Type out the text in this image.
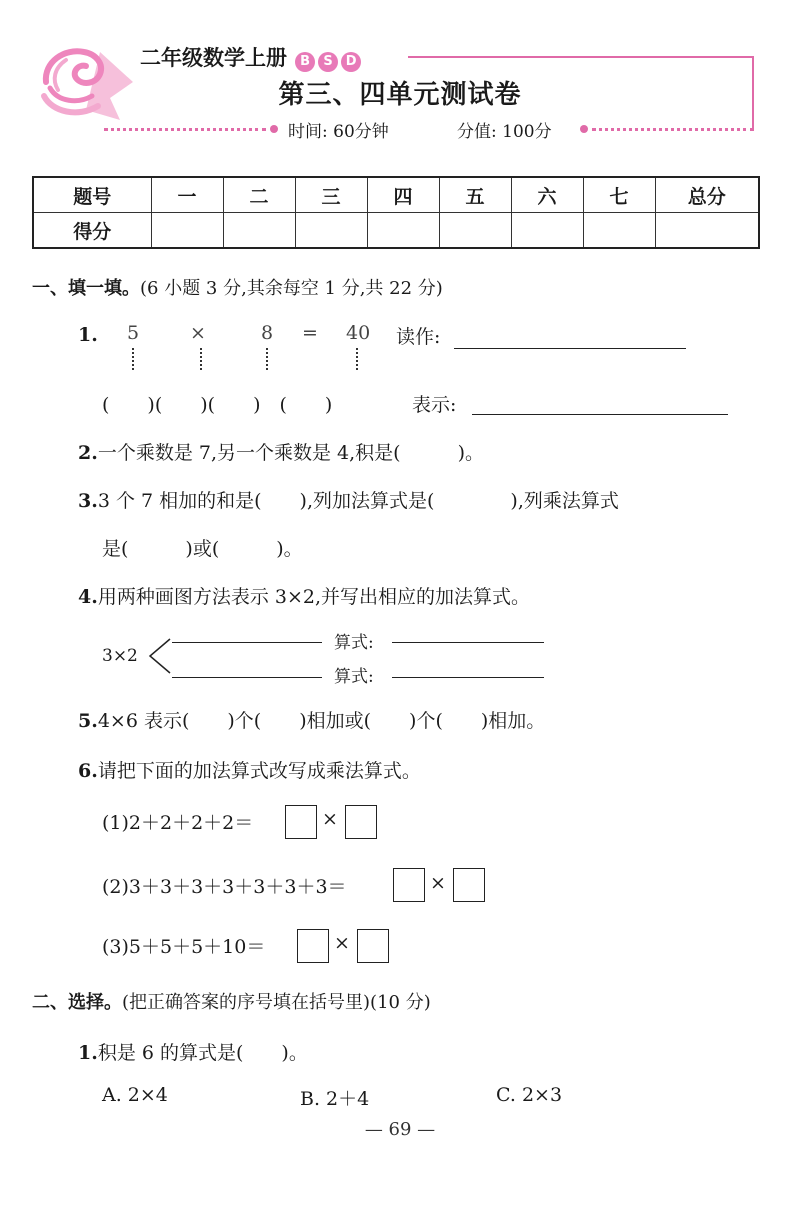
二年级数学上册 B S D
第三、四单元测试卷
时间: 60分钟	分值: 100分
题号	一	二	三	四	五	六	七	总分
得分								
一、填一填。(6 小题 3 分,其余每空 1 分,共 22 分)
1. 5	×	8 = 40 读作:
(　　)(　　)(　　)　(　　)	表示:
2.一个乘数是 7,另一个乘数是 4,积是(　　　)。
3.3 个 7 相加的和是(　　),列加法算式是(　　　　),列乘法算式
是(　　　)或(　　　)。
4.用两种画图方法表示 3×2,并写出相应的加法算式。
3×2
算式:
算式:
5.4×6 表示(　　)个(　　)相加或(　　)个(　　)相加。
6.请把下面的加法算式改写成乘法算式。
(1)2＋2＋2＋2＝	×
(2)3＋3＋3＋3＋3＋3＋3＝	×
(3)5＋5＋5＋10＝	×
二、选择。(把正确答案的序号填在括号里)(10 分)
1.积是 6 的算式是(　　)。
A. 2×4	B. 2＋4	C. 2×3
— 69 —
